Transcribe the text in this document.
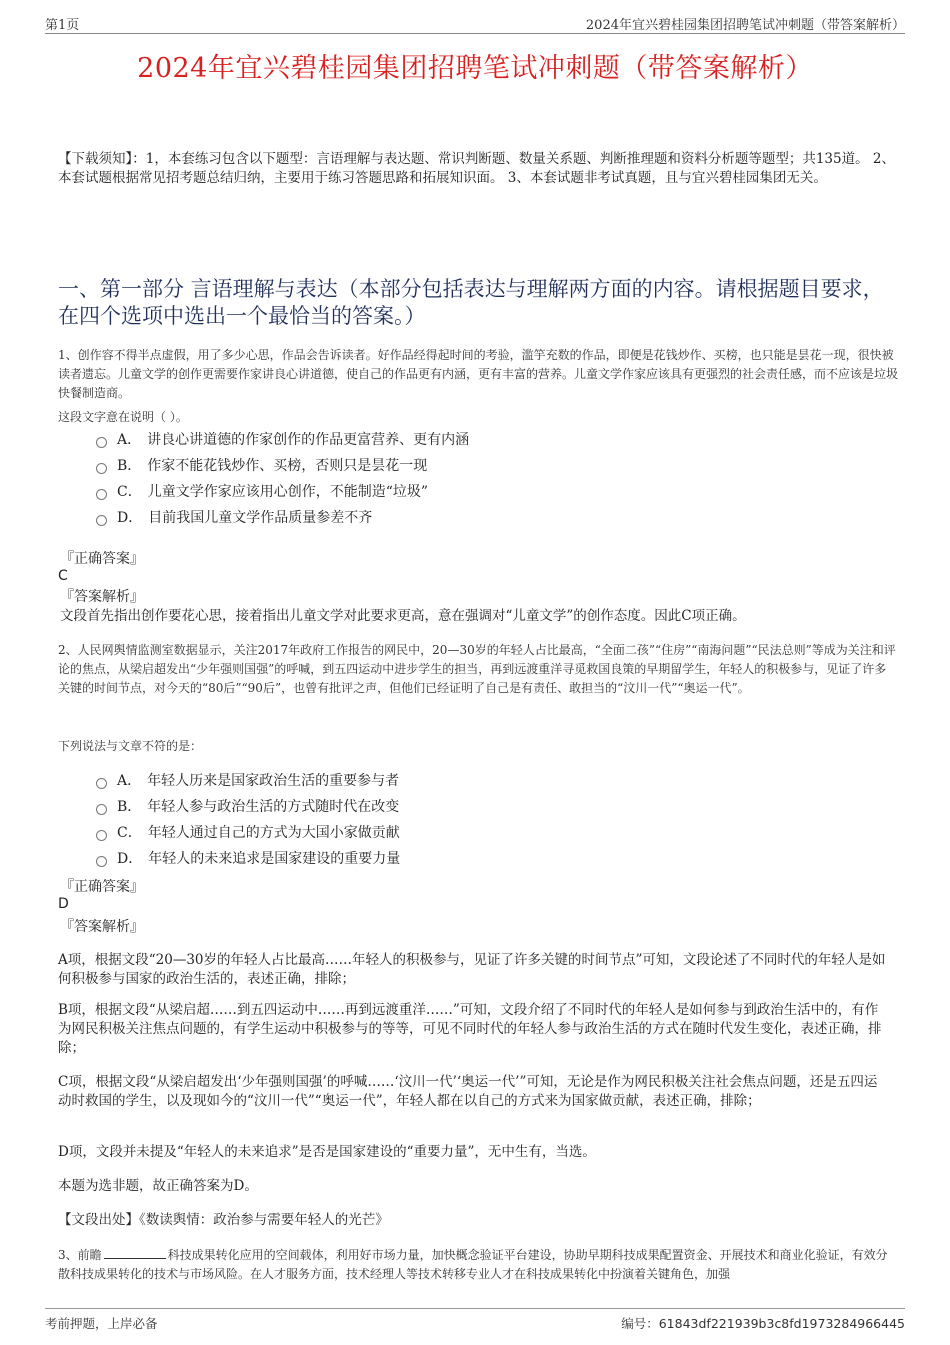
第1页	2024年宜兴碧桂园集团招聘笔试冲刺题（带答案解析）
2024年宜兴碧桂园集团招聘笔试冲刺题（带答案解析）
【下载须知】：1，本套练习包含以下题型：言语理解与表达题、常识判断题、数量关系题、判断推理题和资料分析题等题型；共135道。 2、本套试题根据常见招考题总结归纳，主要用于练习答题思路和拓展知识面。 3、本套试题非考试真题，且与宜兴碧桂园集团无关。
一、第一部分 言语理解与表达（本部分包括表达与理解两方面的内容。请根据题目要求，在四个选项中选出一个最恰当的答案。）
1、创作容不得半点虚假，用了多少心思，作品会告诉读者。好作品经得起时间的考验，滥竽充数的作品，即便是花钱炒作、买榜，也只能是昙花一现，很快被读者遗忘。儿童文学的创作更需要作家讲良心讲道德，使自己的作品更有内涵，更有丰富的营养。儿童文学作家应该具有更强烈的社会责任感，而不应该是垃圾快餐制造商。
这段文字意在说明（ ）。
A． 讲良心讲道德的作家创作的作品更富营养、更有内涵
B． 作家不能花钱炒作、买榜，否则只是昙花一现
C． 儿童文学作家应该用心创作，不能制造“垃圾”
D． 目前我国儿童文学作品质量参差不齐
『正确答案』
C
『答案解析』
文段首先指出创作要花心思，接着指出儿童文学对此要求更高，意在强调对“儿童文学”的创作态度。因此C项正确。
2、人民网舆情监测室数据显示，关注2017年政府工作报告的网民中，20—30岁的年轻人占比最高，“全面二孩”“住房”“南海问题”“民法总则”等成为关注和评论的焦点，从梁启超发出“少年强则国强”的呼喊，到五四运动中进步学生的担当，再到远渡重洋寻觅救国良策的早期留学生，年轻人的积极参与，见证了许多关键的时间节点，对今天的“80后”“90后”，也曾有批评之声，但他们已经证明了自己是有责任、敢担当的“汶川一代”“奥运一代”。
下列说法与文章不符的是：
A． 年轻人历来是国家政治生活的重要参与者
B． 年轻人参与政治生活的方式随时代在改变
C． 年轻人通过自己的方式为大国小家做贡献
D． 年轻人的未来追求是国家建设的重要力量
『正确答案』
D
『答案解析』
A项，根据文段“20—30岁的年轻人占比最高……年轻人的积极参与，见证了许多关键的时间节点”可知，文段论述了不同时代的年轻人是如何积极参与国家的政治生活的，表述正确，排除；
B项，根据文段“从梁启超……到五四运动中……再到远渡重洋……”可知，文段介绍了不同时代的年轻人是如何参与到政治生活中的，有作为网民积极关注焦点问题的，有学生运动中积极参与的等等，可见不同时代的年轻人参与政治生活的方式在随时代发生变化，表述正确，排除；
C项，根据文段“从梁启超发出‘少年强则国强’的呼喊……‘汶川一代’‘奥运一代’”可知，无论是作为网民积极关注社会焦点问题，还是五四运动时救国的学生，以及现如今的“汶川一代”“奥运一代”，年轻人都在以自己的方式来为国家做贡献，表述正确，排除；
D项，文段并未提及“年轻人的未来追求”是否是国家建设的“重要力量”，无中生有，当选。
本题为选非题，故正确答案为D。
【文段出处】《数读舆情：政治参与需要年轻人的光芒》
3、前瞻	科技成果转化应用的空间载体，利用好市场力量，加快概念验证平台建设，协助早期科技成果配置资金、开展技术和商业化验证，有效分散科技成果转化的技术与市场风险。在人才服务方面，技术经理人等技术转移专业人才在科技成果转化中扮演着关键角色，加强
考前押题，上岸必备	编号：61843df221939b3c8fd1973284966445
